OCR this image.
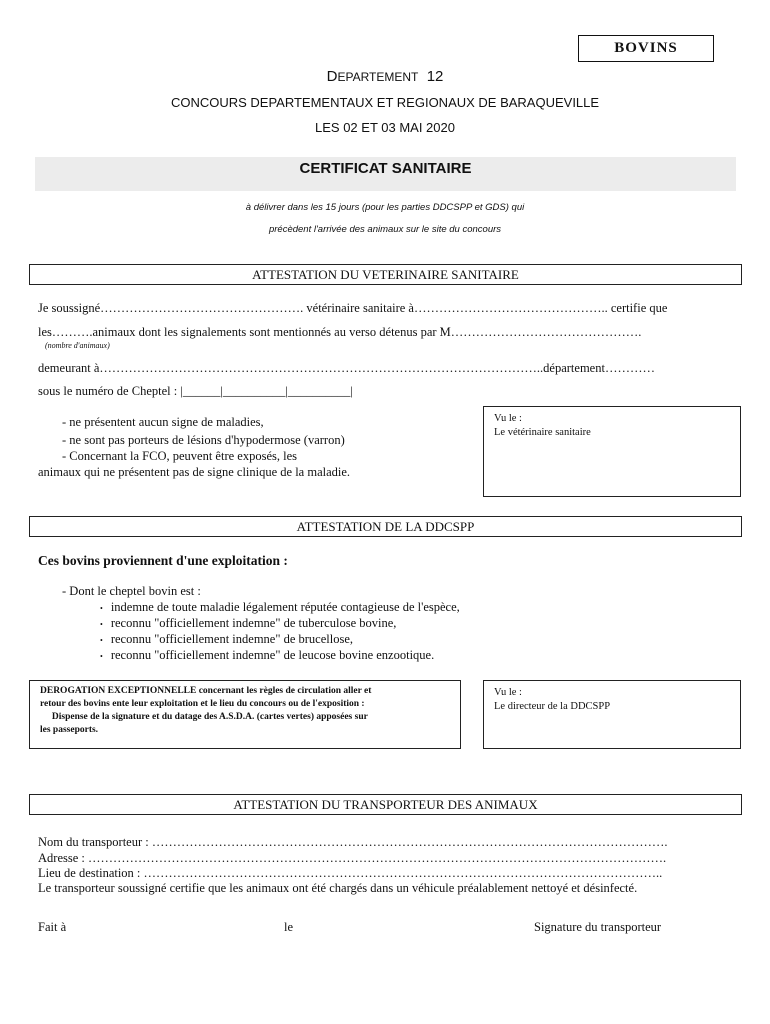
BOVINS
DEPARTEMENT 12
CONCOURS DEPARTEMENTAUX ET REGIONAUX DE BARAQUEVILLE
LES 02 ET 03 MAI 2020
CERTIFICAT SANITAIRE
à délivrer dans les 15 jours (pour les parties DDCSPP et GDS) qui
précèdent l'arrivée des animaux sur le site du concours
ATTESTATION DU VETERINAIRE SANITAIRE
Je soussigné…………………………………………. vétérinaire sanitaire à……………………………………….. certifie que
les……….animaux dont les signalements sont mentionnés au verso détenus par M……………………………………….
(nombre d'animaux)
demeurant à……………………………………………………………………………………………..département…………
sous le numéro de Cheptel : |______|__________|__________|
- ne présentent aucun signe de maladies,
- ne sont pas porteurs de lésions d'hypodermose (varron)
- Concernant la FCO, peuvent être exposés, les
animaux qui ne présentent pas de signe clinique de la maladie.
Vu le :
Le vétérinaire sanitaire
ATTESTATION DE LA DDCSPP
Ces bovins proviennent d'une exploitation :
- Dont le cheptel bovin est :
• indemne de toute maladie légalement réputée contagieuse de l'espèce,
• reconnu "officiellement indemne" de tuberculose bovine,
• reconnu "officiellement indemne" de brucellose,
• reconnu "officiellement indemne" de leucose bovine enzootique.
DEROGATION EXCEPTIONNELLE concernant les règles de circulation aller et
retour des bovins ente leur exploitation et le lieu du concours ou de l'exposition :
Dispense de la signature et du datage des A.S.D.A. (cartes vertes) apposées sur
les passeports.
Vu le :
Le directeur de la DDCSPP
ATTESTATION DU TRANSPORTEUR DES ANIMAUX
Nom du transporteur : …………………………………………………………………………………………………………….
Adresse : ………………………………………………………………………………………………………………………….
Lieu de destination : ……………………………………………………………………………………………………………..
Le transporteur soussigné certifie que les animaux ont été chargés dans un véhicule préalablement nettoyé et désinfecté.
Fait à	le	Signature du transporteur
